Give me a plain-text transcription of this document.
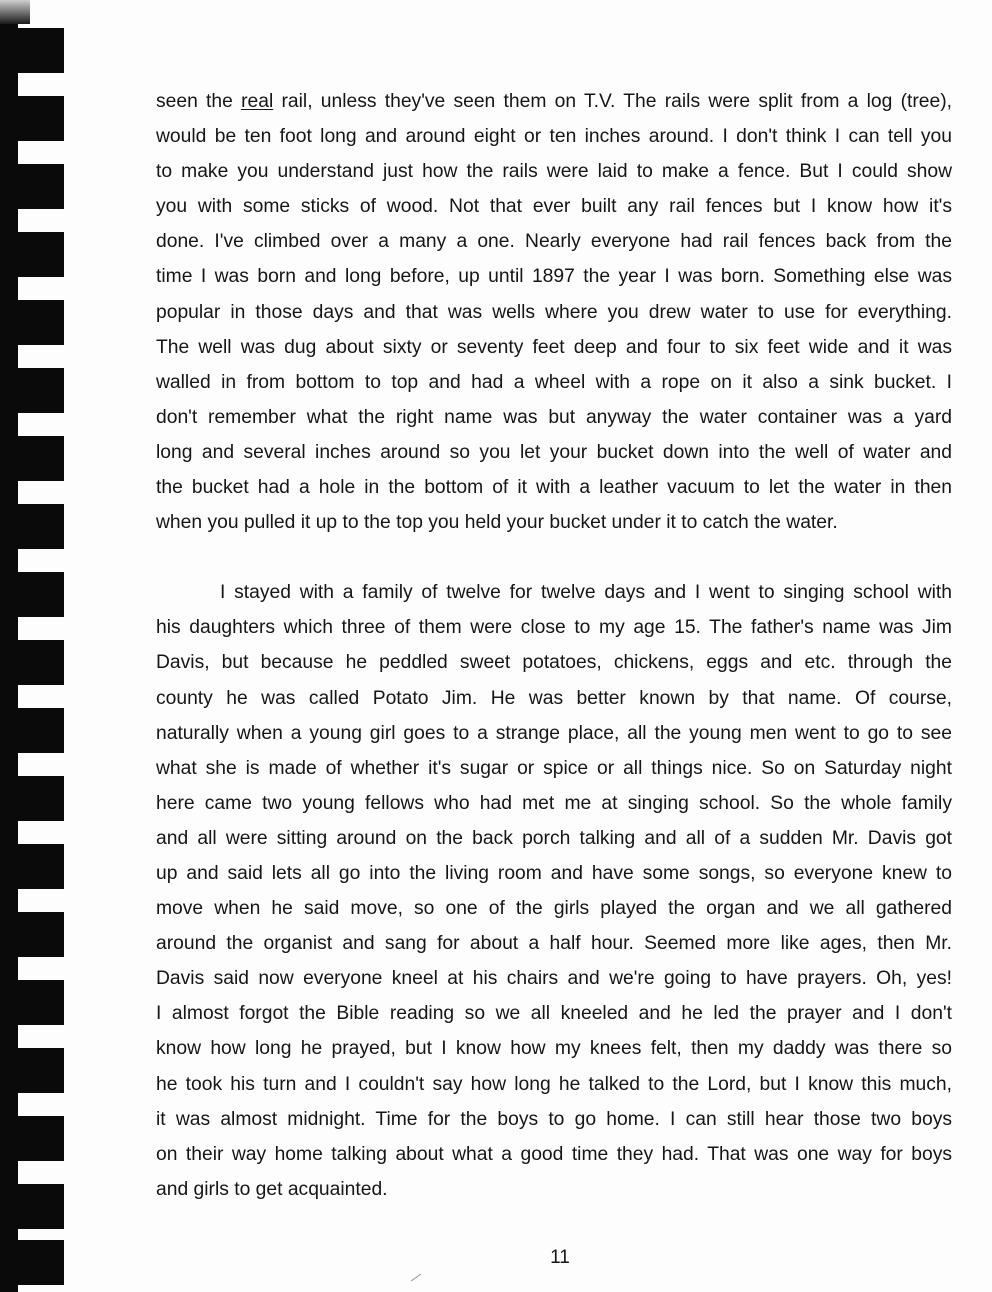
seen the real rail, unless they've seen them on T.V. The rails were split from a log (tree),
would be ten foot long and around eight or ten inches around. I don't think I can tell you
to make you understand just how the rails were laid to make a fence. But I could show
you with some sticks of wood. Not that ever built any rail fences but I know how it's
done. I've climbed over a many a one. Nearly everyone had rail fences back from the
time I was born and long before, up until 1897 the year I was born. Something else was
popular in those days and that was wells where you drew water to use for everything.
The well was dug about sixty or seventy feet deep and four to six feet wide and it was
walled in from bottom to top and had a wheel with a rope on it also a sink bucket. I
don't remember what the right name was but anyway the water container was a yard
long and several inches around so you let your bucket down into the well of water and
the bucket had a hole in the bottom of it with a leather vacuum to let the water in then
when you pulled it up to the top you held your bucket under it to catch the water.
I stayed with a family of twelve for twelve days and I went to singing school with
his daughters which three of them were close to my age 15. The father's name was Jim
Davis, but because he peddled sweet potatoes, chickens, eggs and etc. through the
county he was called Potato Jim. He was better known by that name. Of course,
naturally when a young girl goes to a strange place, all the young men went to go to see
what she is made of whether it's sugar or spice or all things nice. So on Saturday night
here came two young fellows who had met me at singing school. So the whole family
and all were sitting around on the back porch talking and all of a sudden Mr. Davis got
up and said lets all go into the living room and have some songs, so everyone knew to
move when he said move, so one of the girls played the organ and we all gathered
around the organist and sang for about a half hour. Seemed more like ages, then Mr.
Davis said now everyone kneel at his chairs and we're going to have prayers. Oh, yes!
I almost forgot the Bible reading so we all kneeled and he led the prayer and I don't
know how long he prayed, but I know how my knees felt, then my daddy was there so
he took his turn and I couldn't say how long he talked to the Lord, but I know this much,
it was almost midnight. Time for the boys to go home. I can still hear those two boys
on their way home talking about what a good time they had. That was one way for boys
and girls to get acquainted.
11
